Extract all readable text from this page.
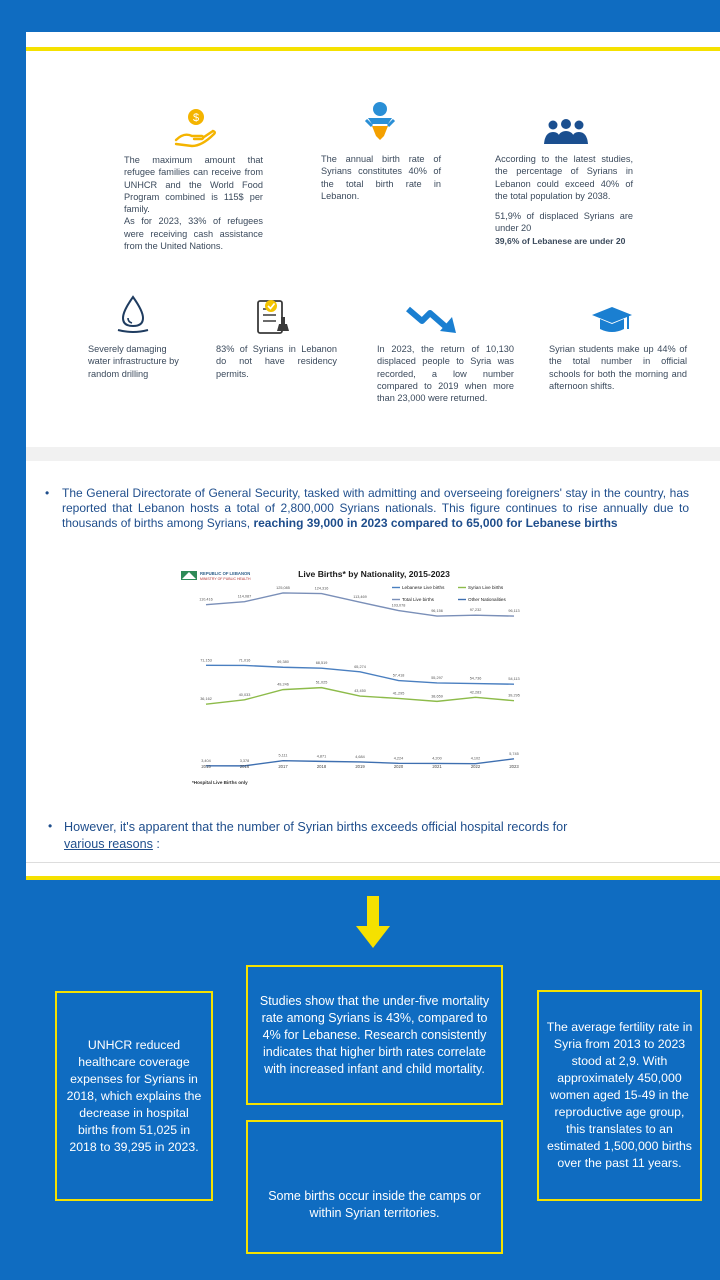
$
The maximum amount that refugee families can receive from UNHCR and the World Food Program combined is 115$ per family.
As for 2023, 33% of refugees were receiving cash assistance from the United Nations.
The annual birth rate of Syrians constitutes 40% of the total birth rate in Lebanon.
According to the latest studies, the percentage of Syrians in Lebanon could exceed 40% of the total population by 2038.
51,9% of displaced Syrians are under 20
39,6% of Lebanese are under 20
Severely damaging water infrastructure by random drilling
83% of Syrians in Lebanon do not have residency permits.
In 2023, the return of 10,130 displaced people to Syria was recorded, a low number compared to 2019 when more than 23,000 were returned.
Syrian students make up 44% of the total number in official schools for both the morning and afternoon shifts.
•	The General Directorate of General Security, tasked with admitting and overseeing foreigners' stay in the country, has reported that Lebanon hosts a total of 2,800,000 Syrians nationals. This figure continues to rise annually due to thousands of births among Syrians, reaching 39,000 in 2023 compared to 65,000 for Lebanese births
REPUBLIC OF LEBANON
MINISTRY OF PUBLIC HEALTH	Live Births* by Nationality, 2015-2023
Lebanese Live births	Syrian Live births
Total Live births	Other Nationalities
110,416
114,087
125,085	124,316
113,469
103,078
96,156	97,232	96,113
71,153	71,016	69,380	68,519
65,274
57,418
55,297	54,736	54,113
36,162
40,033
49,246	51,025
43,450
41,295
38,659
42,283
39,295
3,404	3,378
5,111	4,871	4,684	4,224	4,200	4,102
5,745
2015	2016	2017	2018	2019	2020	2021	2022	2023
*Hospital Live Births only
• However, it's apparent that the number of Syrian births exceeds official hospital records for various reasons :
Studies show that the under-five mortality rate among Syrians is 43%, compared to 4% for Lebanese. Research consistently indicates that higher birth rates correlate with increased infant and child mortality.
UNHCR reduced healthcare coverage expenses for Syrians in 2018, which explains the decrease in hospital births from 51,025 in 2018 to 39,295 in 2023.
The average fertility rate in Syria from 2013 to 2023 stood at 2,9. With approximately 450,000 women aged 15-49 in the reproductive age group, this translates to an estimated 1,500,000 births over the past 11 years.
Some births occur inside the camps or within Syrian territories.
